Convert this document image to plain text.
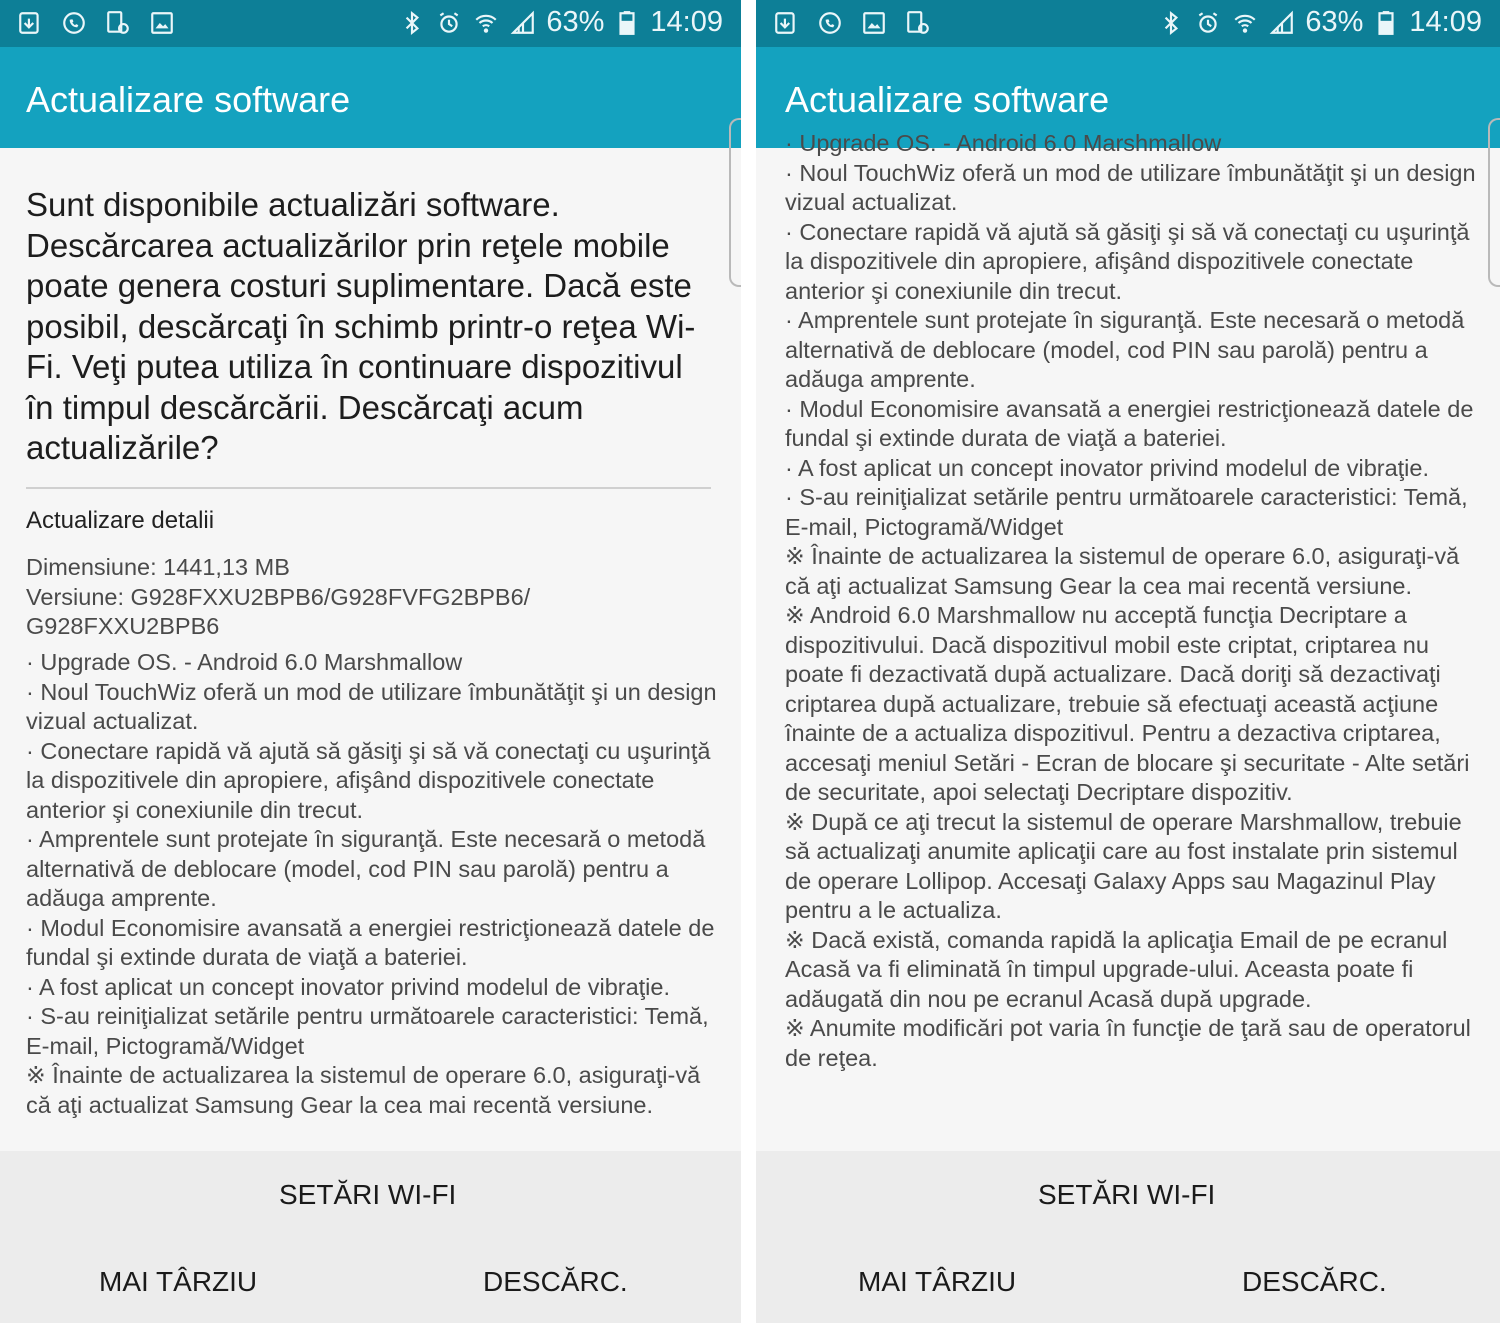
63% 14:09
Actualizare software
Sunt disponibile actualizări software. Descărcarea actualizărilor prin reţele mobile poate genera costuri suplimentare. Dacă este posibil, descărcaţi în schimb printr-o reţea Wi-Fi. Veţi putea utiliza în continuare dispozitivul în timpul descărcării. Descărcaţi acum actualizările?
Actualizare detalii
Dimensiune: 1441,13 MB
Versiune: G928FXXU2BPB6/G928FVFG2BPB6/ G928FXXU2BPB6
· Upgrade OS. - Android 6.0 Marshmallow
· Noul TouchWiz oferă un mod de utilizare îmbunătăţit şi un design vizual actualizat.
· Conectare rapidă vă ajută să găsiţi şi să vă conectaţi cu uşurinţă la dispozitivele din apropiere, afişând dispozitivele conectate anterior şi conexiunile din trecut.
· Amprentele sunt protejate în siguranţă. Este necesară o metodă alternativă de deblocare (model, cod PIN sau parolă) pentru a adăuga amprente.
· Modul Economisire avansată a energiei restricţionează datele de fundal şi extinde durata de viaţă a bateriei.
· A fost aplicat un concept inovator privind modelul de vibraţie.
· S-au reiniţializat setările pentru următoarele caracteristici: Temă, E-mail, Pictogramă/Widget
※ Înainte de actualizarea la sistemul de operare 6.0, asiguraţi-vă că aţi actualizat Samsung Gear la cea mai recentă versiune.
SETĂRI WI-FI
MAI TÂRZIU	DESCĂRC.
63% 14:09
Actualizare software
· Upgrade OS. - Android 6.0 Marshmallow
· Noul TouchWiz oferă un mod de utilizare îmbunătăţit şi un design vizual actualizat.
· Conectare rapidă vă ajută să găsiţi şi să vă conectaţi cu uşurinţă la dispozitivele din apropiere, afişând dispozitivele conectate anterior şi conexiunile din trecut.
· Amprentele sunt protejate în siguranţă. Este necesară o metodă alternativă de deblocare (model, cod PIN sau parolă) pentru a adăuga amprente.
· Modul Economisire avansată a energiei restricţionează datele de fundal şi extinde durata de viaţă a bateriei.
· A fost aplicat un concept inovator privind modelul de vibraţie.
· S-au reiniţializat setările pentru următoarele caracteristici: Temă, E-mail, Pictogramă/Widget
※ Înainte de actualizarea la sistemul de operare 6.0, asiguraţi-vă că aţi actualizat Samsung Gear la cea mai recentă versiune.
※ Android 6.0 Marshmallow nu acceptă funcţia Decriptare a dispozitivului. Dacă dispozitivul mobil este criptat, criptarea nu poate fi dezactivată după actualizare. Dacă doriţi să dezactivaţi criptarea după actualizare, trebuie să efectuaţi această acţiune înainte de a actualiza dispozitivul. Pentru a dezactiva criptarea, accesaţi meniul Setări - Ecran de blocare şi securitate - Alte setări de securitate, apoi selectaţi Decriptare dispozitiv.
※ După ce aţi trecut la sistemul de operare Marshmallow, trebuie să actualizaţi anumite aplicaţii care au fost instalate prin sistemul de operare Lollipop. Accesaţi Galaxy Apps sau Magazinul Play pentru a le actualiza.
※ Dacă există, comanda rapidă la aplicaţia Email de pe ecranul Acasă va fi eliminată în timpul upgrade-ului. Aceasta poate fi adăugată din nou pe ecranul Acasă după upgrade.
※ Anumite modificări pot varia în funcţie de ţară sau de operatorul de reţea.
SETĂRI WI-FI
MAI TÂRZIU	DESCĂRC.
